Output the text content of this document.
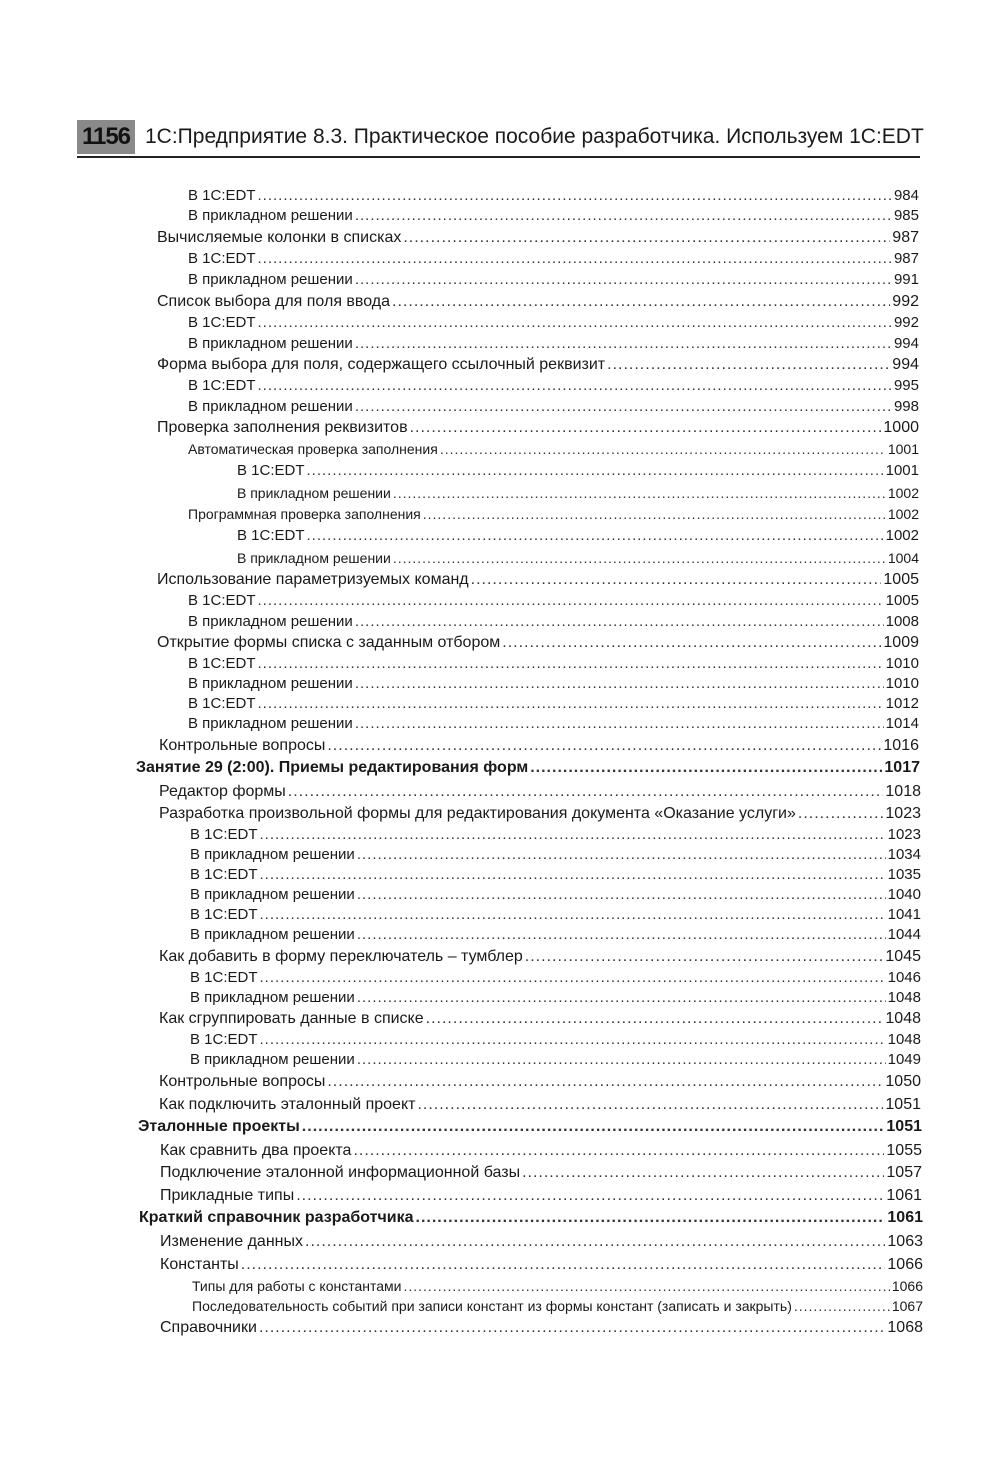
1156 1С:Предприятие 8.3. Практическое пособие разработчика. Используем 1С:EDT
В 1С:EDT .....	984
В прикладном решении .....	985
Вычисляемые колонки в списках .....	987
В 1С:EDT .....	987
В прикладном решении .....	991
Список выбора для поля ввода .....	992
В 1С:EDT .....	992
В прикладном решении .....	994
Форма выбора для поля, содержащего ссылочный реквизит .....	994
В 1С:EDT .....	995
В прикладном решении .....	998
Проверка заполнения реквизитов .....	1000
Автоматическая проверка заполнения .....	1001
В 1С:EDT .....	1001
В прикладном решении .....	1002
Программная проверка заполнения .....	1002
В 1С:EDT .....	1002
В прикладном решении .....	1004
Использование параметризуемых команд .....	1005
В 1С:EDT .....	1005
В прикладном решении .....	1008
Открытие формы списка с заданным отбором .....	1009
В 1С:EDT .....	1010
В прикладном решении .....	1010
В 1С:EDT .....	1012
В прикладном решении .....	1014
Контрольные вопросы .....	1016
Занятие 29 (2:00). Приемы редактирования форм .....	1017
Редактор формы .....	1018
Разработка произвольной формы для редактирования документа «Оказание услуги» .....	1023
В 1С:EDT .....	1023
В прикладном решении .....	1034
В 1С:EDT .....	1035
В прикладном решении .....	1040
В 1С:EDT .....	1041
В прикладном решении .....	1044
Как добавить в форму переключатель – тумблер .....	1045
В 1С:EDT .....	1046
В прикладном решении .....	1048
Как сгруппировать данные в списке .....	1048
В 1С:EDT .....	1048
В прикладном решении .....	1049
Контрольные вопросы .....	1050
Как подключить эталонный проект .....	1051
Эталонные проекты .....	1051
Как сравнить два проекта .....	1055
Подключение эталонной информационной базы .....	1057
Прикладные типы .....	1061
Краткий справочник разработчика .....	1061
Изменение данных .....	1063
Константы .....	1066
Типы для работы с константами .....	1066
Последовательность событий при записи констант из формы констант (записать и закрыть) .....	1067
Справочники .....	1068
